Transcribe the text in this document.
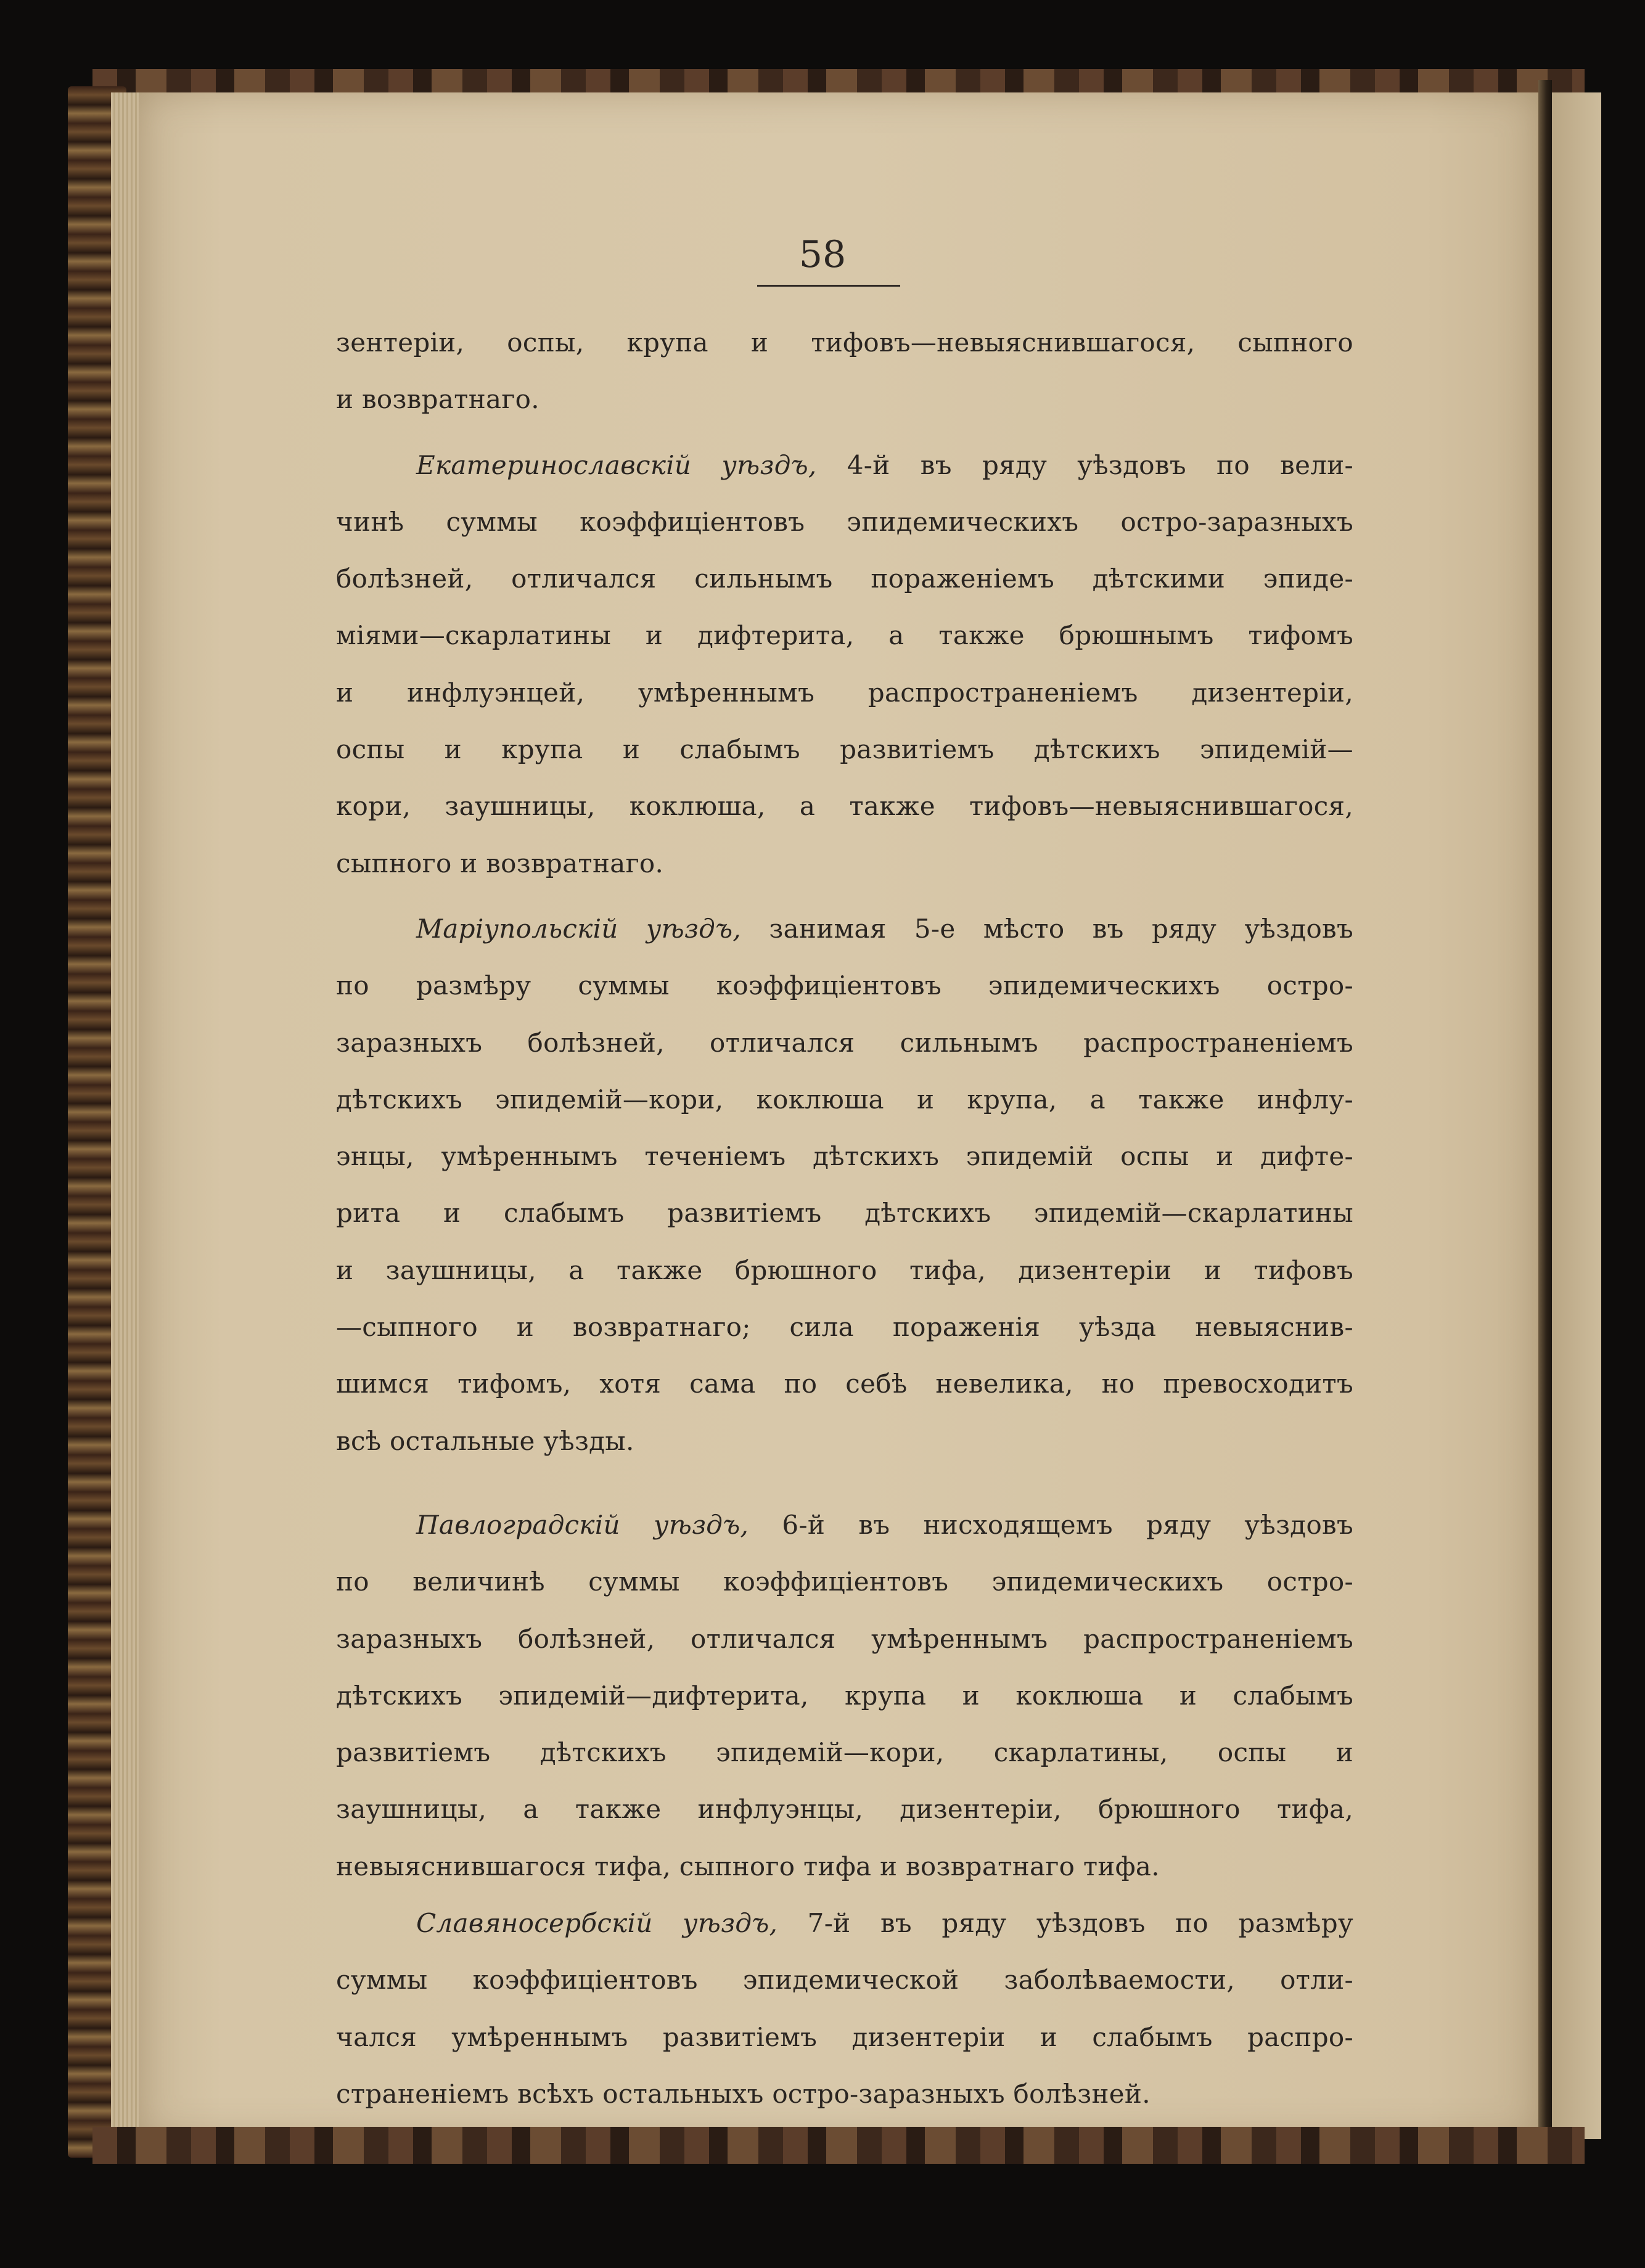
58
зентерiи, оспы, крупа и тифовъ—невыяснившагося, сыпного
и возвратнаго.
Екатеринославскiй уѣздъ, 4-й въ ряду уѣздовъ по вели-
чинѣ суммы коэффицiентовъ эпидемическихъ остро-заразныхъ
болѣзней, отличался сильнымъ пораженiемъ дѣтскими эпиде-
мiями—скарлатины и дифтерита, а также брюшнымъ тифомъ
и инфлуэнцей, умѣреннымъ распространенiемъ дизентерiи,
оспы и крупа и слабымъ развитiемъ дѣтскихъ эпидемiй—
кори, заушницы, коклюша, а также тифовъ—невыяснившагося,
сыпного и возвратнаго.
Марiупольскiй уѣздъ, занимая 5-е мѣсто въ ряду уѣздовъ
по размѣру суммы коэффицiентовъ эпидемическихъ остро-
заразныхъ болѣзней, отличался сильнымъ распространенiемъ
дѣтскихъ эпидемiй—кори, коклюша и крупа, а также инфлу-
энцы, умѣреннымъ теченiемъ дѣтскихъ эпидемiй оспы и дифте-
рита и слабымъ развитiемъ дѣтскихъ эпидемiй—скарлатины
и заушницы, а также брюшного тифа, дизентерiи и тифовъ
—сыпного и возвратнаго; сила пораженiя уѣзда невыяснив-
шимся тифомъ, хотя сама по себѣ невелика, но превосходитъ
всѣ остальные уѣзды.
Павлоградскiй уѣздъ, 6-й въ нисходящемъ ряду уѣздовъ
по величинѣ суммы коэффицiентовъ эпидемическихъ остро-
заразныхъ болѣзней, отличался умѣреннымъ распространенiемъ
дѣтскихъ эпидемiй—дифтерита, крупа и коклюша и слабымъ
развитiемъ дѣтскихъ эпидемiй—кори, скарлатины, оспы и
заушницы, а также инфлуэнцы, дизентерiи, брюшного тифа,
невыяснившагося тифа, сыпного тифа и возвратнаго тифа.
Славяносербскiй уѣздъ, 7-й въ ряду уѣздовъ по размѣру
суммы коэффицiентовъ эпидемической заболѣваемости, отли-
чался умѣреннымъ развитiемъ дизентерiи и слабымъ распро-
страненiемъ всѣхъ остальныхъ остро-заразныхъ болѣзней.
